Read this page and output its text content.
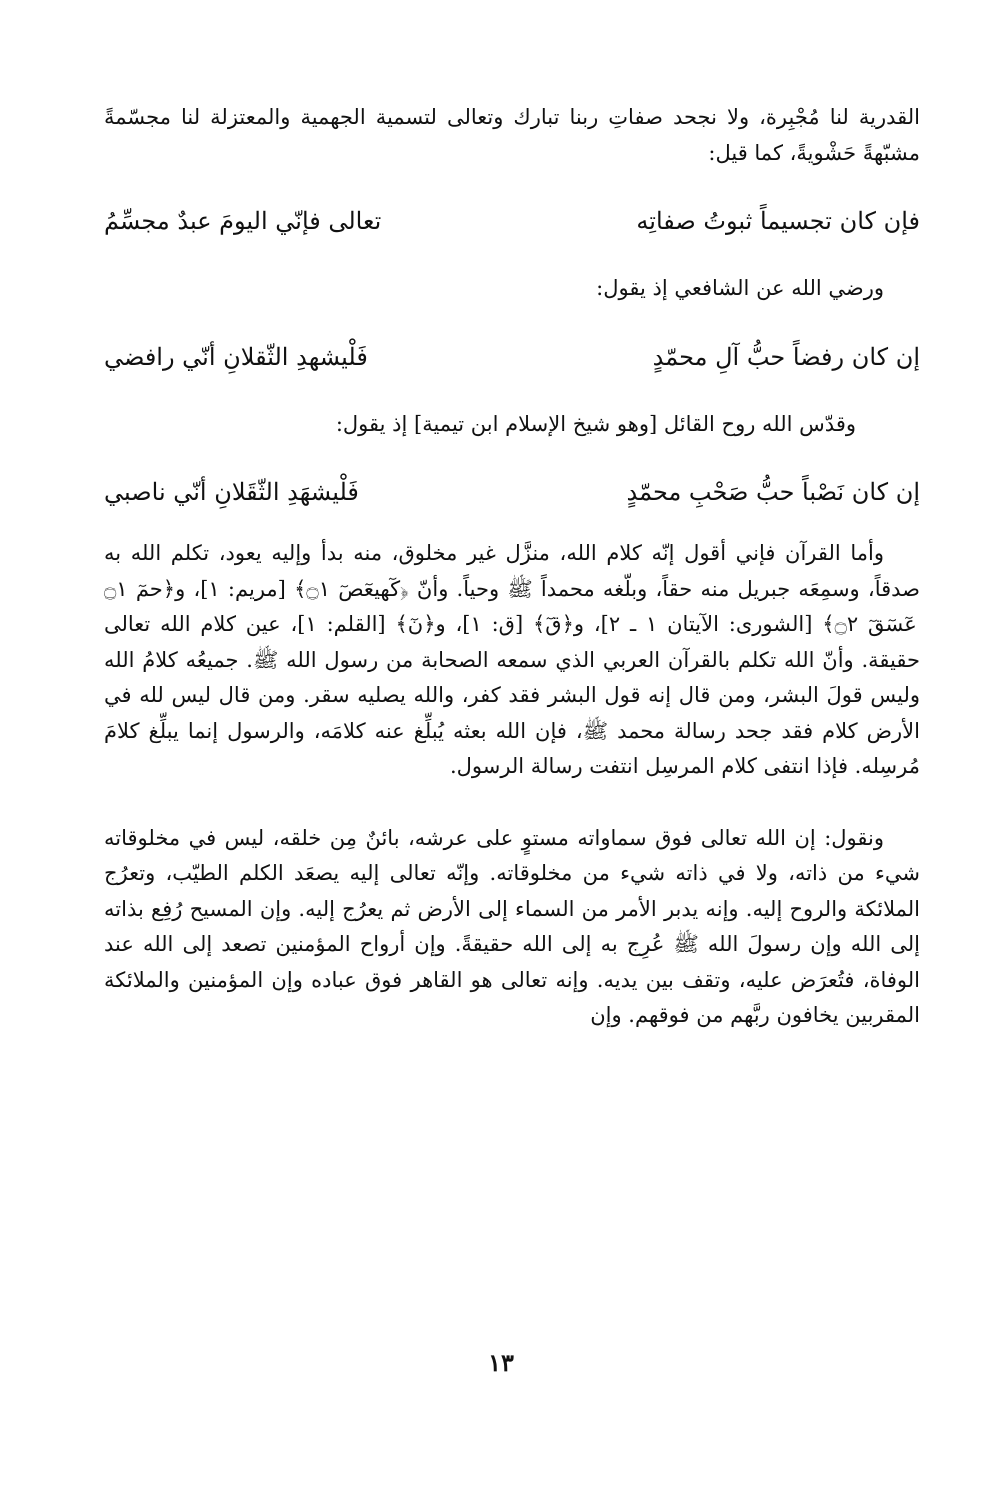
القدرية لنا مُجْبِرة، ولا نجحد صفاتِ ربنا تبارك وتعالى لتسمية الجهمية والمعتزلة لنا مجسّمةً مشبّهةً حَشْويةً، كما قيل:

فإن كان تجسيماً ثبوتُ صفاتِه
تعالى فإنّي اليومَ عبدٌ مجسِّمُ

ورضي الله عن الشافعي إذ يقول:

إن كان رفضاً حبُّ آلِ محمّدٍ
فَلْيشهدِ الثّقلانِ أنّي رافضي

وقدّس الله روح القائل [وهو شيخ الإسلام ابن تيمية] إذ يقول:

إن كان نَصْباً حبُّ صَحْبِ محمّدٍ
فَلْيشهَدِ الثّقَلانِ أنّي ناصبي

وأما القرآن فإني أقول إنّه كلام الله، منزَّل غير مخلوق، منه بدأ وإليه يعود، تكلم الله به صدقاً، وسمِعَه جبريل منه حقاً، وبلّغه محمداً ﷺ وحياً. وأنّ ﴿كٓهيعٓصٓ ۝١﴾ [مريم: ١]، و﴿حمٓ ۝١ عٓسٓقٓ ۝٢﴾ [الشورى: الآيتان ١ ـ ٢]، و﴿قٓ﴾ [ق: ١]، و﴿نٓ﴾ [القلم: ١]، عين كلام الله تعالى حقيقة. وأنّ الله تكلم بالقرآن العربي الذي سمعه الصحابة من رسول الله ﷺ. جميعُه كلامُ الله وليس قولَ البشر، ومن قال إنه قول البشر فقد كفر، والله يصليه سقر. ومن قال ليس لله في الأرض كلام فقد جحد رسالة محمد ﷺ، فإن الله بعثه يُبلِّغ عنه كلامَه، والرسول إنما يبلِّغ كلامَ مُرسِله. فإذا انتفى كلام المرسِل انتفت رسالة الرسول.

ونقول: إن الله تعالى فوق سماواته مستوٍ على عرشه، بائنٌ مِن خلقه، ليس في مخلوقاته شيء من ذاته، ولا في ذاته شيء من مخلوقاته. وإنّه تعالى إليه يصعَد الكلم الطيّب، وتعرُج الملائكة والروح إليه. وإنه يدبر الأمر من السماء إلى الأرض ثم يعرُج إليه. وإن المسيح رُفِع بذاته إلى الله وإن رسولَ الله ﷺ عُرِج به إلى الله حقيقةً. وإن أرواح المؤمنين تصعد إلى الله عند الوفاة، فتُعرَض عليه، وتقف بين يديه. وإنه تعالى هو القاهر فوق عباده وإن المؤمنين والملائكة المقربين يخافون ربَّهم من فوقهم. وإن

١٣
